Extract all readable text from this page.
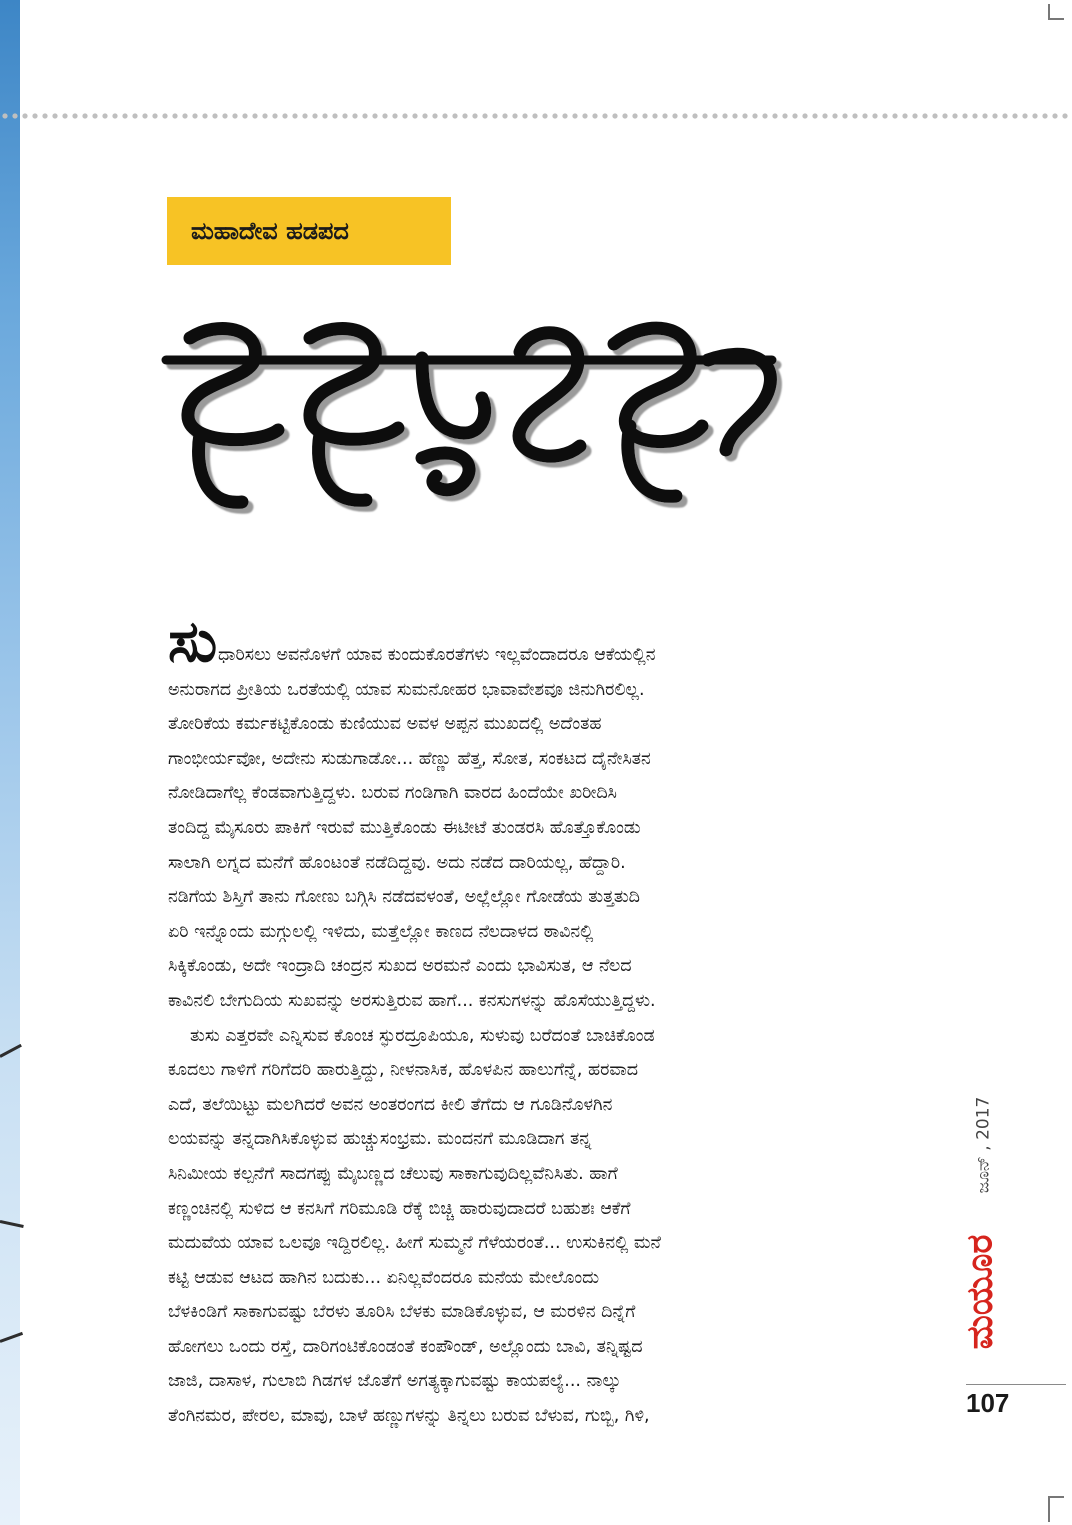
ಮಹಾದೇವ ಹಡಪದ
ಸು ಧಾರಿಸಲು ಅವನೊಳಗೆ ಯಾವ ಕುಂದುಕೊರತೆಗಳು ಇಲ್ಲವೆಂದಾದರೂ ಆಕೆಯಲ್ಲಿನ
ಅನುರಾಗದ ಪ್ರೀತಿಯ ಒರತೆಯಲ್ಲಿ ಯಾವ ಸುಮನೋಹರ ಭಾವಾವೇಶವೂ ಜಿನುಗಿರಲಿಲ್ಲ.
ತೋರಿಕೆಯ ಕರ್ಮಕಟ್ಟಿಕೊಂಡು ಕುಣಿಯುವ ಅವಳ ಅಪ್ಪನ ಮುಖದಲ್ಲಿ ಅದೆಂತಹ
ಗಾಂಭೀರ್ಯವೋ, ಅದೇನು ಸುಡುಗಾಡೋ... ಹೆಣ್ಣು ಹೆತ್ತ, ಸೋತ, ಸಂಕಟದ ದೈನೇಸಿತನ
ನೋಡಿದಾಗೆಲ್ಲ ಕೆಂಡವಾಗುತ್ತಿದ್ದಳು. ಬರುವ ಗಂಡಿಗಾಗಿ ವಾರದ ಹಿಂದೆಯೇ ಖರೀದಿಸಿ
ತಂದಿದ್ದ ಮೈಸೂರು ಪಾಕಿಗೆ ಇರುವೆ ಮುತ್ತಿಕೊಂಡು ಈಟೀಟೆ ತುಂಡರಸಿ ಹೊತ್ತೊಕೊಂಡು
ಸಾಲಾಗಿ ಲಗ್ನದ ಮನೆಗೆ ಹೊಂಟಂತೆ ನಡೆದಿದ್ದವು. ಅದು ನಡೆದ ದಾರಿಯಲ್ಲ, ಹೆದ್ದಾರಿ.
ನಡಿಗೆಯ ಶಿಸ್ತಿಗೆ ತಾನು ಗೋಣು ಬಗ್ಗಿಸಿ ನಡೆದವಳಂತೆ, ಅಲ್ಲೆಲ್ಲೋ ಗೋಡೆಯ ತುತ್ತತುದಿ
ಏರಿ ಇನ್ನೊಂದು ಮಗ್ಗುಲಲ್ಲಿ ಇಳಿದು, ಮತ್ತೆಲ್ಲೋ ಕಾಣದ ನೆಲದಾಳದ ಠಾವಿನಲ್ಲಿ
ಸಿಕ್ಕಿಕೊಂಡು, ಅದೇ ಇಂದ್ರಾದಿ ಚಂದ್ರನ ಸುಖದ ಅರಮನೆ ಎಂದು ಭಾವಿಸುತ, ಆ ನೆಲದ
ಕಾವಿನಲಿ ಬೇಗುದಿಯ ಸುಖವನ್ನು ಅರಸುತ್ತಿರುವ ಹಾಗೆ... ಕನಸುಗಳನ್ನು ಹೊಸೆಯುತ್ತಿದ್ದಳು.
ತುಸು ಎತ್ತರವೇ ಎನ್ನಿಸುವ ಕೊಂಚ ಸ್ಫುರದ್ರೂಪಿಯೂ, ಸುಳುವು ಬರೆದಂತೆ ಬಾಚಿಕೊಂಡ
ಕೂದಲು ಗಾಳಿಗೆ ಗರಿಗೆದರಿ ಹಾರುತ್ತಿದ್ದು, ನೀಳನಾಸಿಕ, ಹೊಳಪಿನ ಹಾಲುಗೆನ್ನೆ, ಹರವಾದ
ಎದೆ, ತಲೆಯಿಟ್ಟು ಮಲಗಿದರೆ ಅವನ ಅಂತರಂಗದ ಕೀಲಿ ತೆಗೆದು ಆ ಗೂಡಿನೊಳಗಿನ
ಲಯವನ್ನು ತನ್ನದಾಗಿಸಿಕೊಳ್ಳುವ ಹುಚ್ಚುಸಂಭ್ರಮ. ಮಂದನಗೆ ಮೂಡಿದಾಗ ತನ್ನ
ಸಿನಿಮೀಯ ಕಲ್ಪನೆಗೆ ಸಾದಗಪ್ಪು ಮೈಬಣ್ಣದ ಚೆಲುವು ಸಾಕಾಗುವುದಿಲ್ಲವೆನಿಸಿತು. ಹಾಗೆ
ಕಣ್ಣಂಚಿನಲ್ಲಿ ಸುಳಿದ ಆ ಕನಸಿಗೆ ಗರಿಮೂಡಿ ರೆಕ್ಕೆ ಬಿಚ್ಚಿ ಹಾರುವುದಾದರೆ ಬಹುಶಃ ಆಕೆಗೆ
ಮದುವೆಯ ಯಾವ ಒಲವೂ ಇದ್ದಿರಲಿಲ್ಲ. ಹೀಗೆ ಸುಮ್ಮನೆ ಗೆಳೆಯರಂತೆ... ಉಸುಕಿನಲ್ಲಿ ಮನೆ
ಕಟ್ಟಿ ಆಡುವ ಆಟದ ಹಾಗಿನ ಬದುಕು... ಏನಿಲ್ಲವೆಂದರೂ ಮನೆಯ ಮೇಲೊಂದು
ಬೆಳಕಿಂಡಿಗೆ ಸಾಕಾಗುವಷ್ಟು ಬೆರಳು ತೂರಿಸಿ ಬೆಳಕು ಮಾಡಿಕೊಳ್ಳುವ, ಆ ಮರಳಿನ ದಿನ್ನೆಗೆ
ಹೋಗಲು ಒಂದು ರಸ್ತೆ, ದಾರಿಗಂಟಿಕೊಂಡಂತೆ ಕಂಪೌಂಡ್, ಅಲ್ಲೊಂದು ಬಾವಿ, ತನ್ನಿಷ್ಟದ
ಜಾಜಿ, ದಾಸಾಳ, ಗುಲಾಬಿ ಗಿಡಗಳ ಜೊತೆಗೆ ಅಗತ್ಯಕ್ಕಾಗುವಷ್ಟು ಕಾಯಪಲ್ಯೆ... ನಾಲ್ಕು
ತೆಂಗಿನಮರ, ಪೇರಲ, ಮಾವು, ಬಾಳೆ ಹಣ್ಣುಗಳನ್ನು ತಿನ್ನಲು ಬರುವ ಬೆಳುವ, ಗುಬ್ಬಿ, ಗಿಳಿ,
ಜೂನ್ , 2017
ಮಯೂರ
107
